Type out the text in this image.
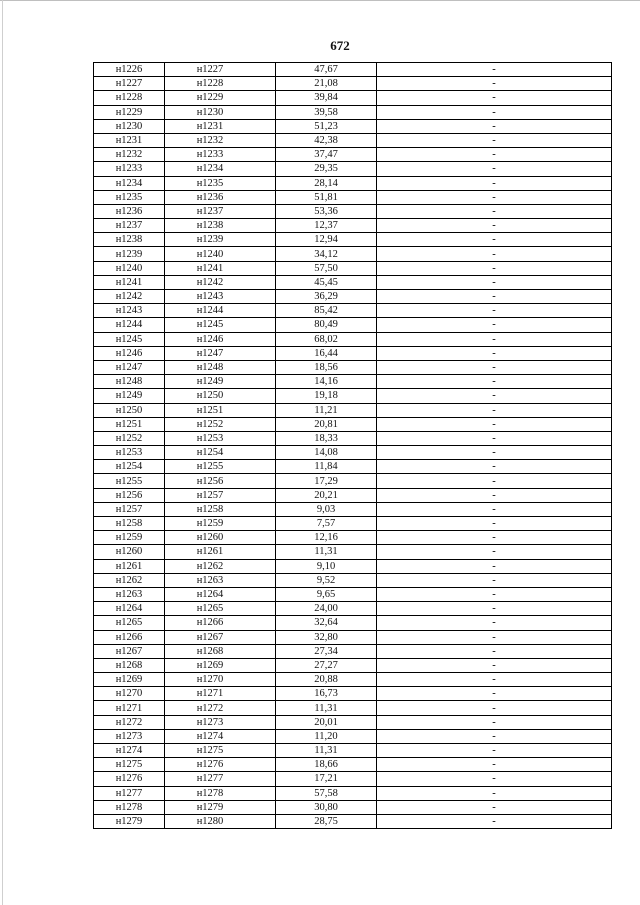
672
н1226	н1227	47,67	-
н1227	н1228	21,08	-
н1228	н1229	39,84	-
н1229	н1230	39,58	-
н1230	н1231	51,23	-
н1231	н1232	42,38	-
н1232	н1233	37,47	-
н1233	н1234	29,35	-
н1234	н1235	28,14	-
н1235	н1236	51,81	-
н1236	н1237	53,36	-
н1237	н1238	12,37	-
н1238	н1239	12,94	-
н1239	н1240	34,12	-
н1240	н1241	57,50	-
н1241	н1242	45,45	-
н1242	н1243	36,29	-
н1243	н1244	85,42	-
н1244	н1245	80,49	-
н1245	н1246	68,02	-
н1246	н1247	16,44	-
н1247	н1248	18,56	-
н1248	н1249	14,16	-
н1249	н1250	19,18	-
н1250	н1251	11,21	-
н1251	н1252	20,81	-
н1252	н1253	18,33	-
н1253	н1254	14,08	-
н1254	н1255	11,84	-
н1255	н1256	17,29	-
н1256	н1257	20,21	-
н1257	н1258	9,03	-
н1258	н1259	7,57	-
н1259	н1260	12,16	-
н1260	н1261	11,31	-
н1261	н1262	9,10	-
н1262	н1263	9,52	-
н1263	н1264	9,65	-
н1264	н1265	24,00	-
н1265	н1266	32,64	-
н1266	н1267	32,80	-
н1267	н1268	27,34	-
н1268	н1269	27,27	-
н1269	н1270	20,88	-
н1270	н1271	16,73	-
н1271	н1272	11,31	-
н1272	н1273	20,01	-
н1273	н1274	11,20	-
н1274	н1275	11,31	-
н1275	н1276	18,66	-
н1276	н1277	17,21	-
н1277	н1278	57,58	-
н1278	н1279	30,80	-
н1279	н1280	28,75	-
